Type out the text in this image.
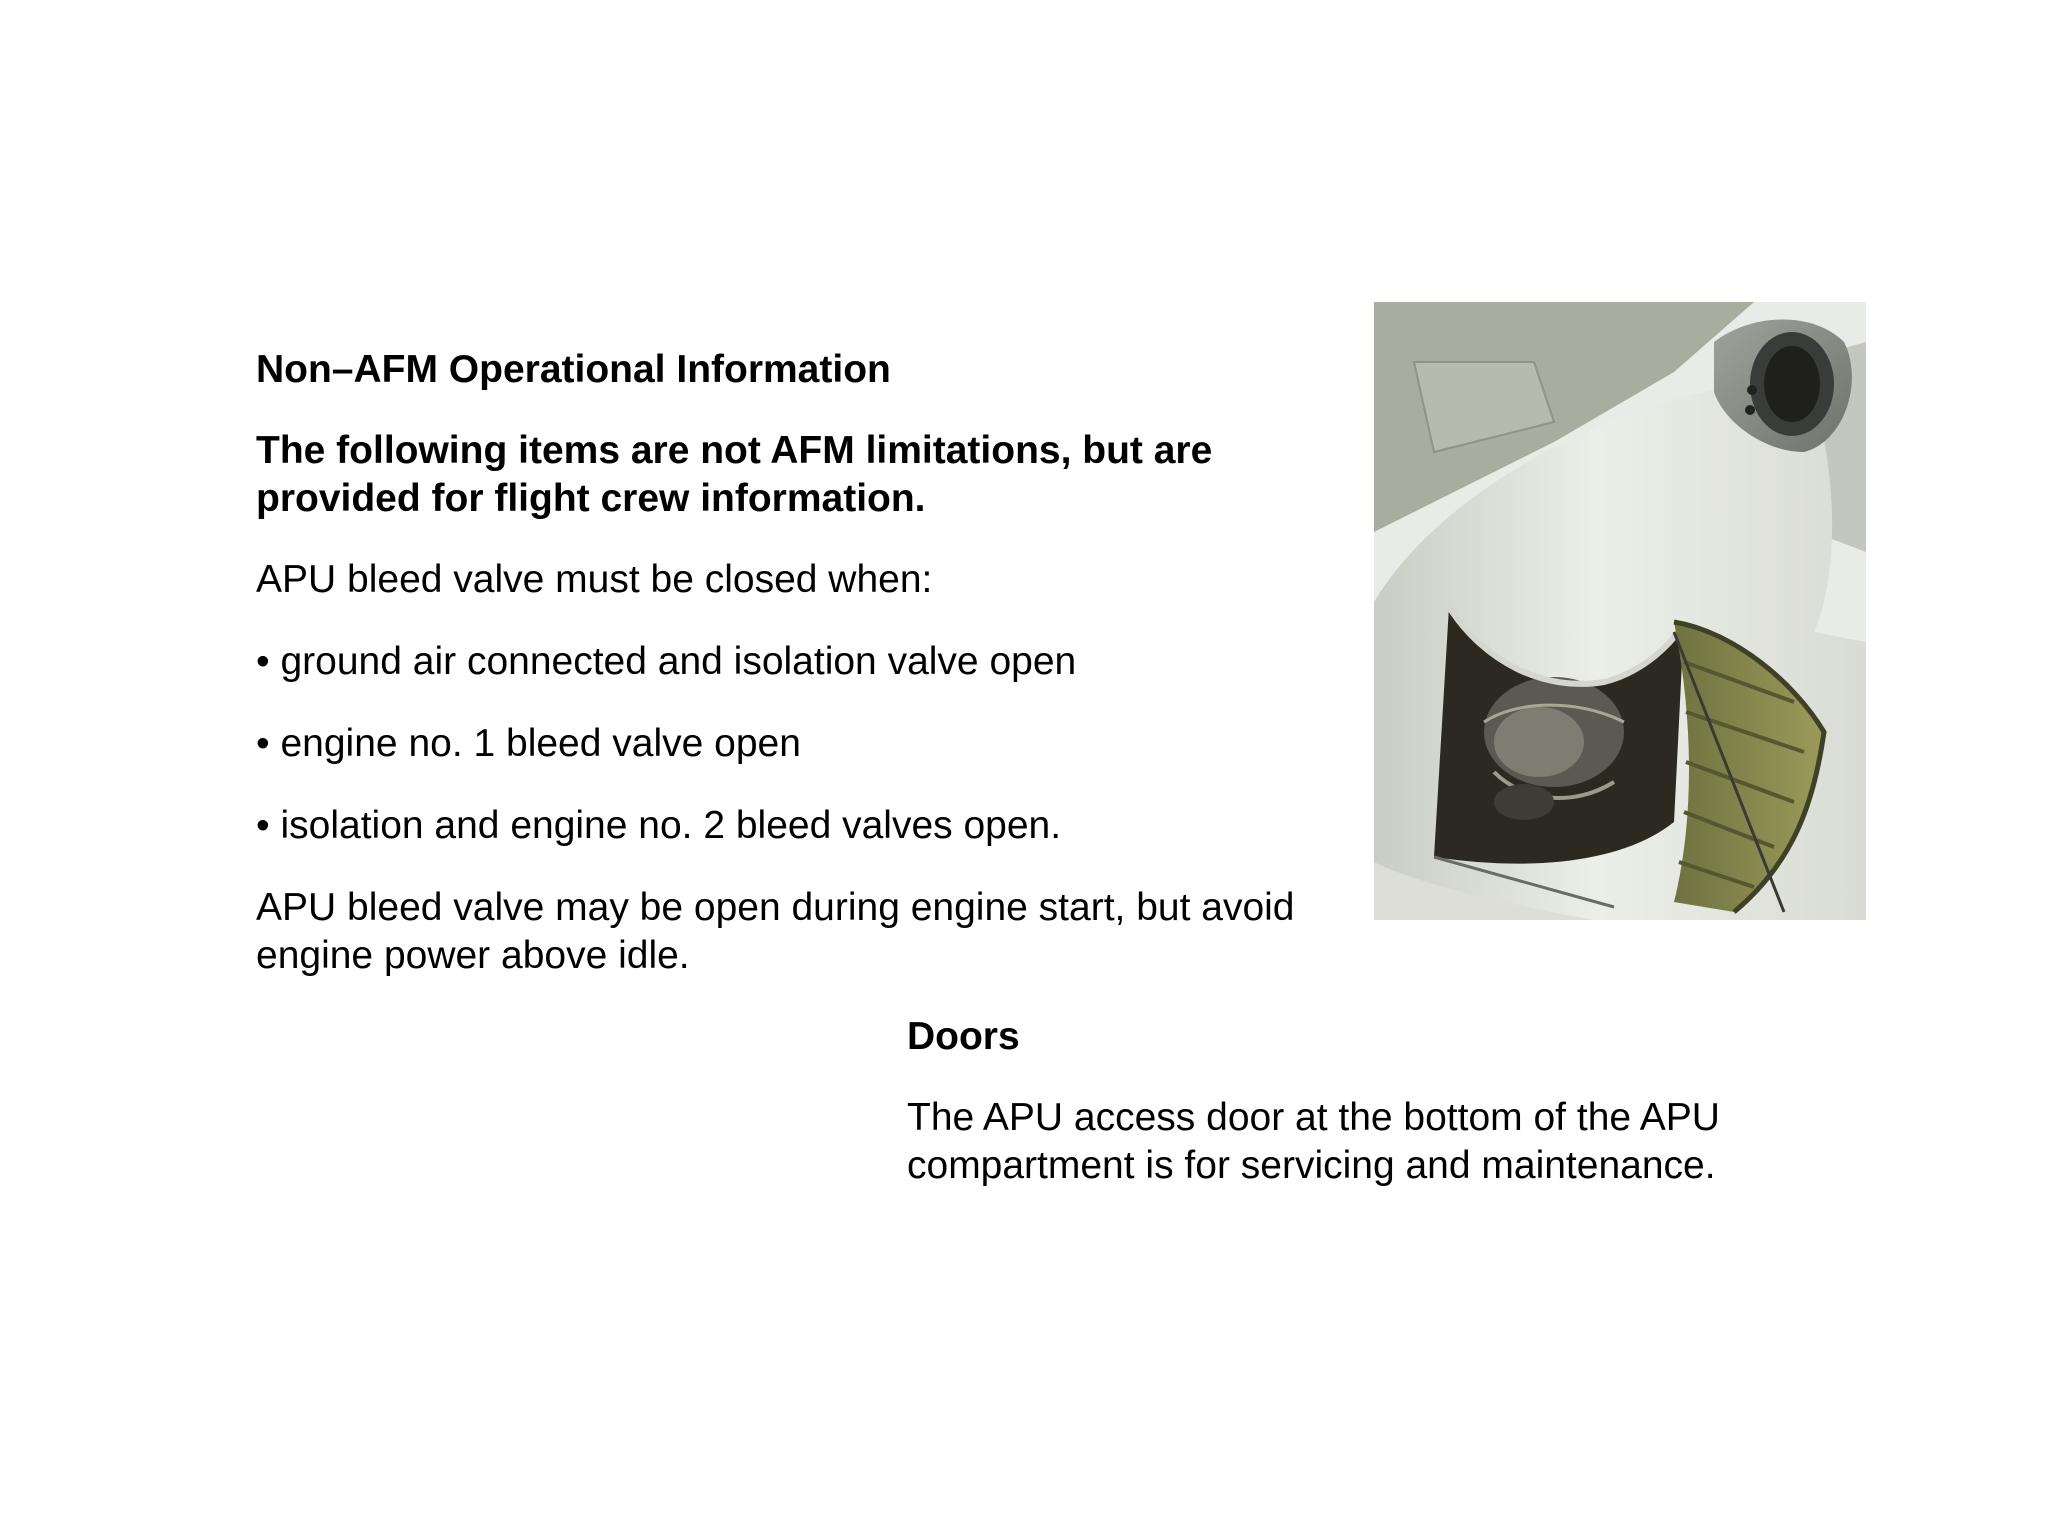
Non–AFM Operational Information

The following items are not AFM limitations, but are provided for flight crew information.

APU bleed valve must be closed when:

• ground air connected and isolation valve open

• engine no. 1 bleed valve open

• isolation and engine no. 2 bleed valves open.

APU bleed valve may be open during engine start, but avoid engine power above idle.

Doors

The APU access door at the bottom of the APU compartment is for servicing and maintenance.
